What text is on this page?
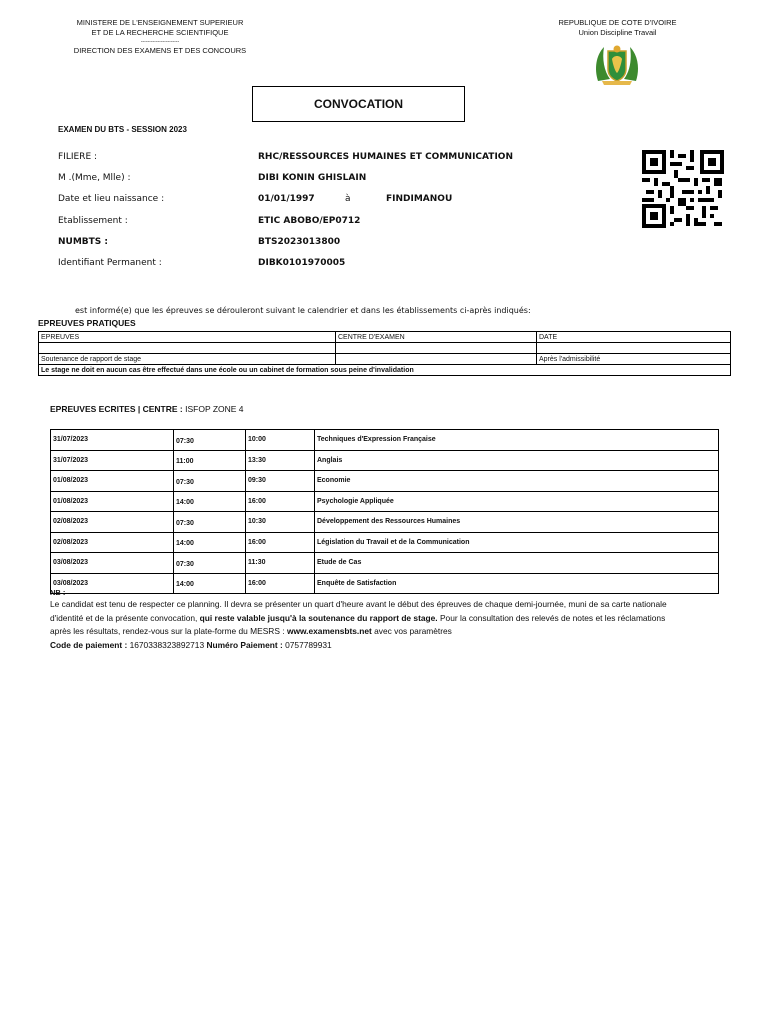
MINISTERE DE L'ENSEIGNEMENT SUPERIEUR
ET DE LA RECHERCHE SCIENTIFIQUE
-----------------------
DIRECTION DES EXAMENS ET DES CONCOURS
REPUBLIQUE DE COTE D'IVOIRE
Union Discipline Travail
CONVOCATION
EXAMEN DU BTS - SESSION 2023
FILIERE :	RHC/RESSOURCES HUMAINES ET COMMUNICATION
M .(Mme, Mlle) :	DIBI KONIN GHISLAIN
Date et lieu naissance :	01/01/1997	à	FINDIMANOU
Etablissement :	ETIC ABOBO/EP0712
NUMBTS :	BTS2023013800
Identifiant Permanent :	DIBK0101970005
est informé(e) que les épreuves se dérouleront suivant le calendrier et dans les établissements ci-après indiqués:
EPREUVES PRATIQUES
EPREUVES	CENTRE D'EXAMEN	DATE

Soutenance de rapport de stage		Après l'admissibilité
Le stage ne doit en aucun cas être effectué dans une école ou un cabinet de formation sous peine d'invalidation		
EPREUVES ECRITES | CENTRE : ISFOP ZONE 4
31/07/2023	07:30	10:00	Techniques d'Expression Française
31/07/2023	11:00	13:30	Anglais
01/08/2023	07:30	09:30	Economie
01/08/2023	14:00	16:00	Psychologie Appliquée
02/08/2023	07:30	10:30	Développement des Ressources Humaines
02/08/2023	14:00	16:00	Législation du Travail et de la Communication
03/08/2023	07:30	11:30	Etude de Cas
03/08/2023	14:00	16:00	Enquête de Satisfaction
NB :
Le candidat est tenu de respecter ce planning. Il devra se présenter un quart d'heure avant le début des épreuves de chaque demi-journée, muni de sa carte nationale d'identité et de la présente convocation, qui reste valable jusqu'à la soutenance du rapport de stage. Pour la consultation des relevés de notes et les réclamations après les résultats, rendez-vous sur la plate-forme du MESRS : www.examensbts.net avec vos paramètres
Code de paiement : 1670338323892713 Numéro Paiement : 0757789931
